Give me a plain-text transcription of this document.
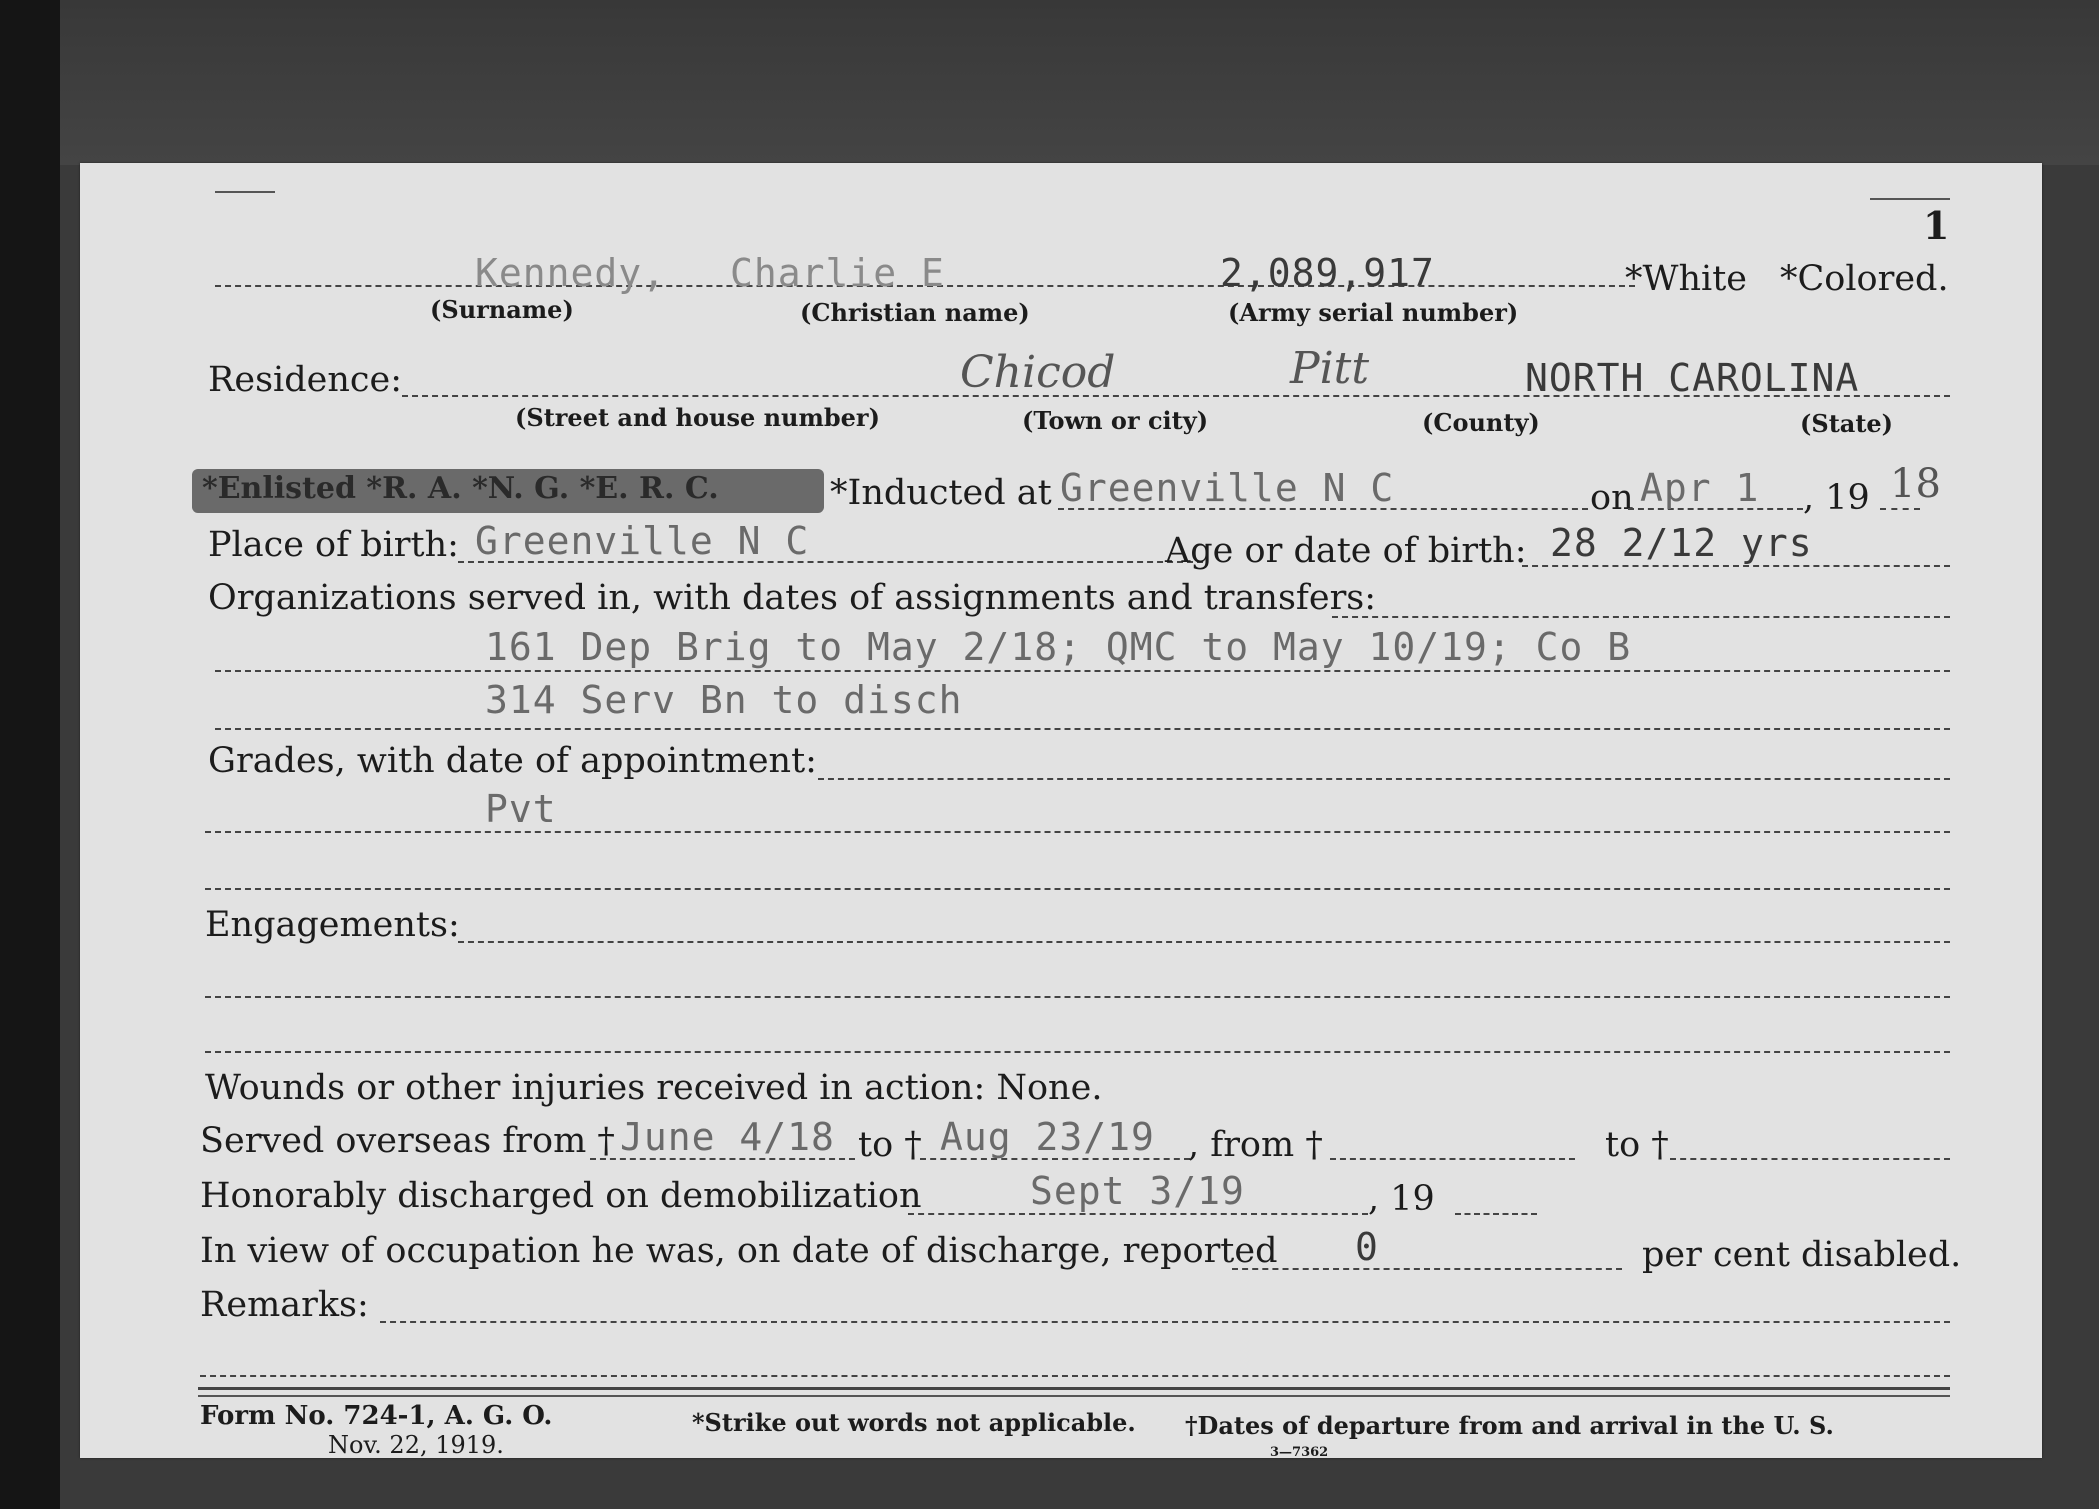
1
Kennedy, Charlie E	2,089,917	*White *Colored.
(Surname)	(Christian name)	(Army serial number)
Residence:	Chicod	Pitt	NORTH CAROLINA
(Street and house number)	(Town or city)	(County)	(State)
*Enlisted *R. A. *N. G. *E. R. C.	*Inducted at Greenville N C	on Apr 1 , 19 18
Place of birth: Greenville N C	Age or date of birth: 28 2/12 yrs
Organizations served in, with dates of assignments and transfers:
161 Dep Brig to May 2/18; QMC to May 10/19; Co B
314 Serv Bn to disch
Grades, with date of appointment:
Pvt
Engagements:
Wounds or other injuries received in action: None.
Served overseas from † June 4/18 to † Aug 23/19 , from †	to †
Honorably discharged on demobilization	Sept 3/19	, 19
In view of occupation he was, on date of discharge, reported 0	per cent disabled.
Remarks:
Form No. 724-1, A. G. O.
Nov. 22, 1919.
*Strike out words not applicable. †Dates of departure from and arrival in the U. S.
3—7362
